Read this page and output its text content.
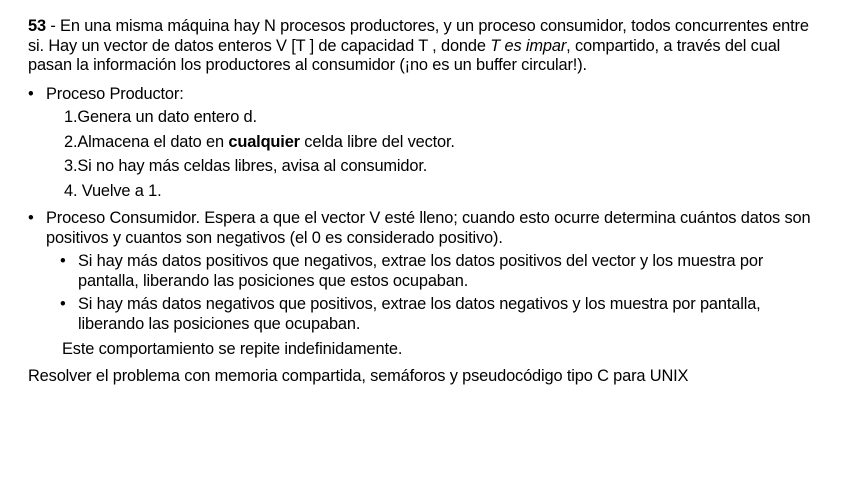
53 - En una misma máquina hay N procesos productores, y un proceso consumidor, todos concurrentes entre si. Hay un vector de datos enteros V [T ] de capacidad T , donde T es impar, compartido, a través del cual pasan la información los productores al consumidor (¡no es un buffer circular!).

• Proceso Productor:

1.Genera un dato entero d.

2.Almacena el dato en cualquier celda libre del vector.

3.Si no hay más celdas libres, avisa al consumidor.

4. Vuelve a 1.

• Proceso Consumidor. Espera a que el vector V esté lleno; cuando esto ocurre determina cuántos datos son positivos y cuantos son negativos (el 0 es considerado positivo).
• Si hay más datos positivos que negativos, extrae los datos positivos del vector y los muestra por pantalla, liberando las posiciones que estos ocupaban.
• Si hay más datos negativos que positivos, extrae los datos negativos y los muestra por pantalla, liberando las posiciones que ocupaban.

Este comportamiento se repite indefinidamente.

Resolver el problema con memoria compartida, semáforos y pseudocódigo tipo C para UNIX
